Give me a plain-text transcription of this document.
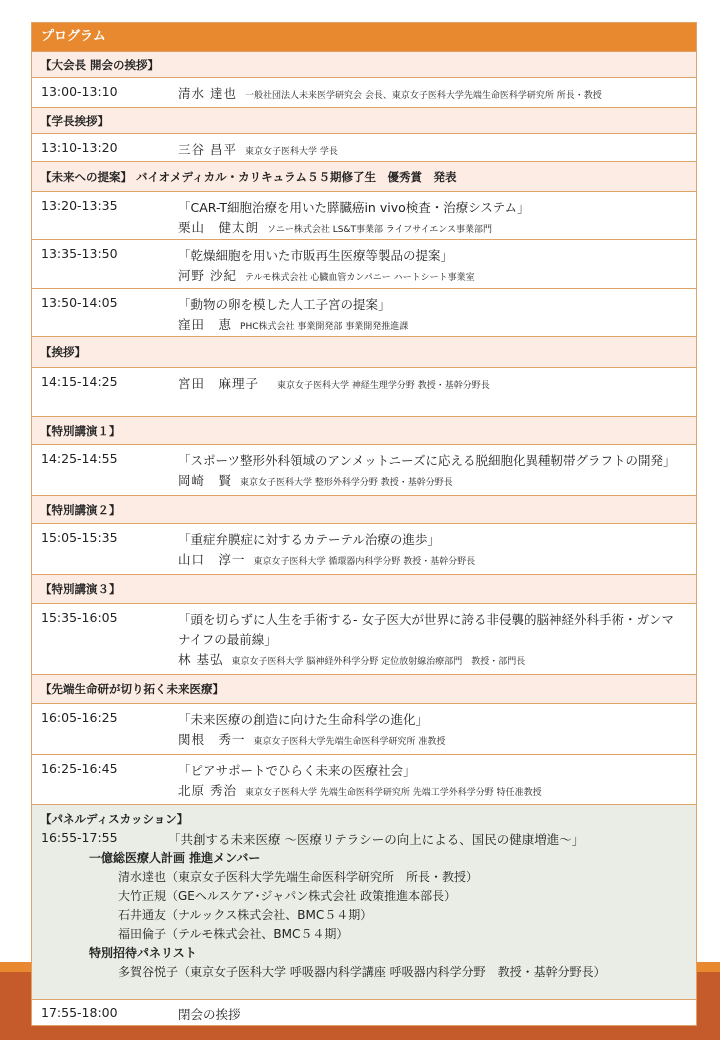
プログラム
【大会長 開会の挨拶】
13:00-13:10	清水 達也 一般社団法人未来医学研究会 会長、東京女子医科大学先端生命医科学研究所 所長・教授
【学長挨拶】
13:10-13:20	三谷 昌平 東京女子医科大学 学長
【未来への提案】 バイオメディカル・カリキュラム５５期修了生　優秀賞　発表
13:20-13:35	「CAR-T細胞治療を用いた膵臓癌in vivo検査・治療システム」
栗山　健太朗 ソニー株式会社 LS&T事業部 ライフサイエンス事業部門
13:35-13:50	「乾燥細胞を用いた市販再生医療等製品の提案」
河野 沙紀 テルモ株式会社 心臓血管カンパニー ハートシート事業室
13:50-14:05	「動物の卵を模した人工子宮の提案」
窪田　恵 PHC株式会社 事業開発部 事業開発推進課
【挨拶】
14:15-14:25	宮田　麻理子 東京女子医科大学 神経生理学分野 教授・基幹分野長
【特別講演１】
14:25-14:55	「スポーツ整形外科領域のアンメットニーズに応える脱細胞化異種靭帯グラフトの開発」
岡崎　賢 東京女子医科大学 整形外科学分野 教授・基幹分野長
【特別講演２】
15:05-15:35	「重症弁膜症に対するカテーテル治療の進歩」
山口　淳一 東京女子医科大学 循環器内科学分野 教授・基幹分野長
【特別講演３】
15:35-16:05	「頭を切らずに人生を手術する- 女子医大が世界に誇る非侵襲的脳神経外科手術・ガンマナイフの最前線」
林 基弘 東京女子医科大学 脳神経外科学分野 定位放射線治療部門　教授・部門長
【先端生命研が切り拓く未来医療】
16:05-16:25	「未来医療の創造に向けた生命科学の進化」
関根　秀一 東京女子医科大学先端生命医科学研究所 准教授
16:25-16:45	「ピアサポートでひらく未来の医療社会」
北原 秀治 東京女子医科大学 先端生命医科学研究所 先端工学外科学分野 特任准教授
【パネルディスカッション】
16:55-17:55	「共創する未来医療 ～医療リテラシーの向上による、国民の健康増進～」
一億総医療人計画 推進メンバー
清水達也（東京女子医科大学先端生命医科学研究所　所長・教授）
大竹正規（GEヘルスケア･ジャパン株式会社 政策推進本部長）
石井通友（ナルックス株式会社、BMC５４期）
福田倫子（テルモ株式会社、BMC５４期）
特別招待パネリスト
多賀谷悦子（東京女子医科大学 呼吸器内科学講座 呼吸器内科学分野　教授・基幹分野長）
17:55-18:00	閉会の挨拶
